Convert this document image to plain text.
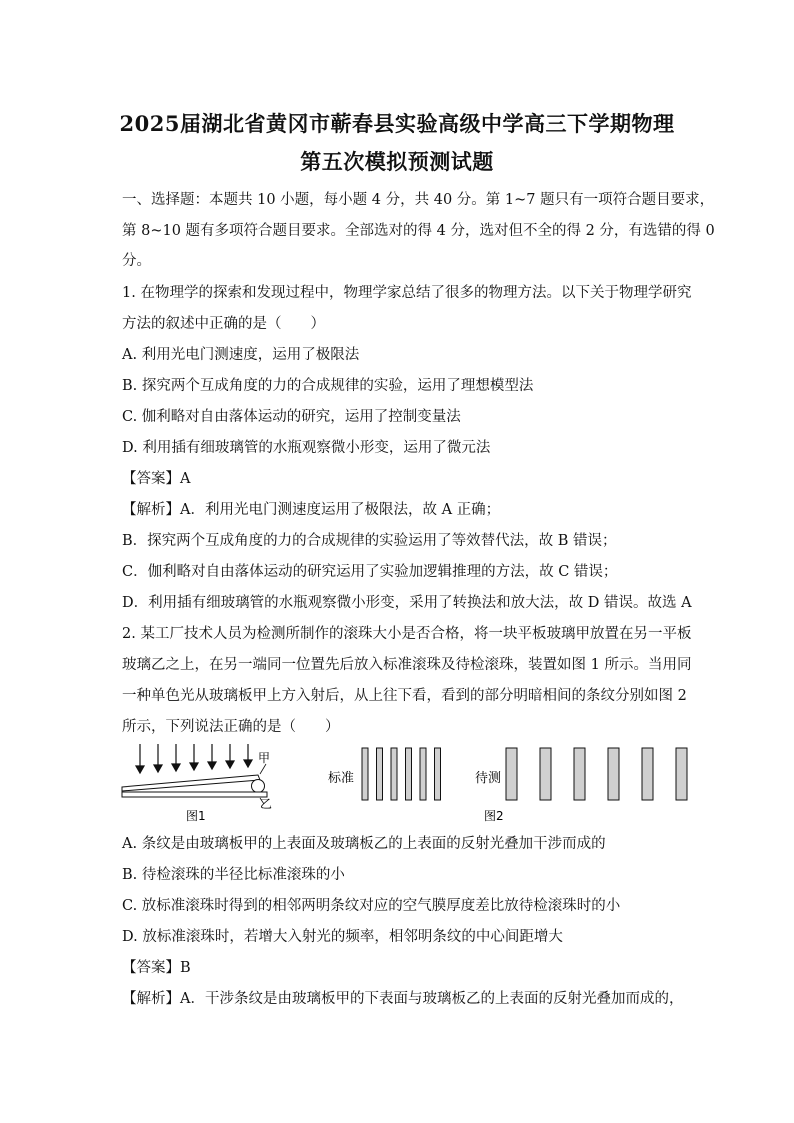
2025届湖北省黄冈市蕲春县实验高级中学高三下学期物理
第五次模拟预测试题
一、选择题：本题共 10 小题，每小题 4 分，共 40 分。第 1~7 题只有一项符合题目要求，
第 8~10 题有多项符合题目要求。全部选对的得 4 分，选对但不全的得 2 分，有选错的得 0
分。
1. 在物理学的探索和发现过程中，物理学家总结了很多的物理方法。以下关于物理学研究
方法的叙述中正确的是（　　）
A. 利用光电门测速度，运用了极限法
B. 探究两个互成角度的力的合成规律的实验，运用了理想模型法
C. 伽利略对自由落体运动的研究，运用了控制变量法
D. 利用插有细玻璃管的水瓶观察微小形变，运用了微元法
【答案】A
【解析】A．利用光电门测速度运用了极限法，故 A 正确；
B．探究两个互成角度的力的合成规律的实验运用了等效替代法，故 B 错误；
C．伽利略对自由落体运动的研究运用了实验加逻辑推理的方法，故 C 错误；
D．利用插有细玻璃管的水瓶观察微小形变，采用了转换法和放大法，故 D 错误。故选 A
2. 某工厂技术人员为检测所制作的滚珠大小是否合格，将一块平板玻璃甲放置在另一平板
玻璃乙之上，在另一端同一位置先后放入标准滚珠及待检滚珠，装置如图 1 所示。当用同
一种单色光从玻璃板甲上方入射后，从上往下看，看到的部分明暗相间的条纹分别如图 2
所示，下列说法正确的是（　　）
甲
乙
图1
标准	待测
图2
A. 条纹是由玻璃板甲的上表面及玻璃板乙的上表面的反射光叠加干涉而成的
B. 待检滚珠的半径比标准滚珠的小
C. 放标准滚珠时得到的相邻两明条纹对应的空气膜厚度差比放待检滚珠时的小
D. 放标准滚珠时，若增大入射光的频率，相邻明条纹的中心间距增大
【答案】B
【解析】A．干涉条纹是由玻璃板甲的下表面与玻璃板乙的上表面的反射光叠加而成的，
